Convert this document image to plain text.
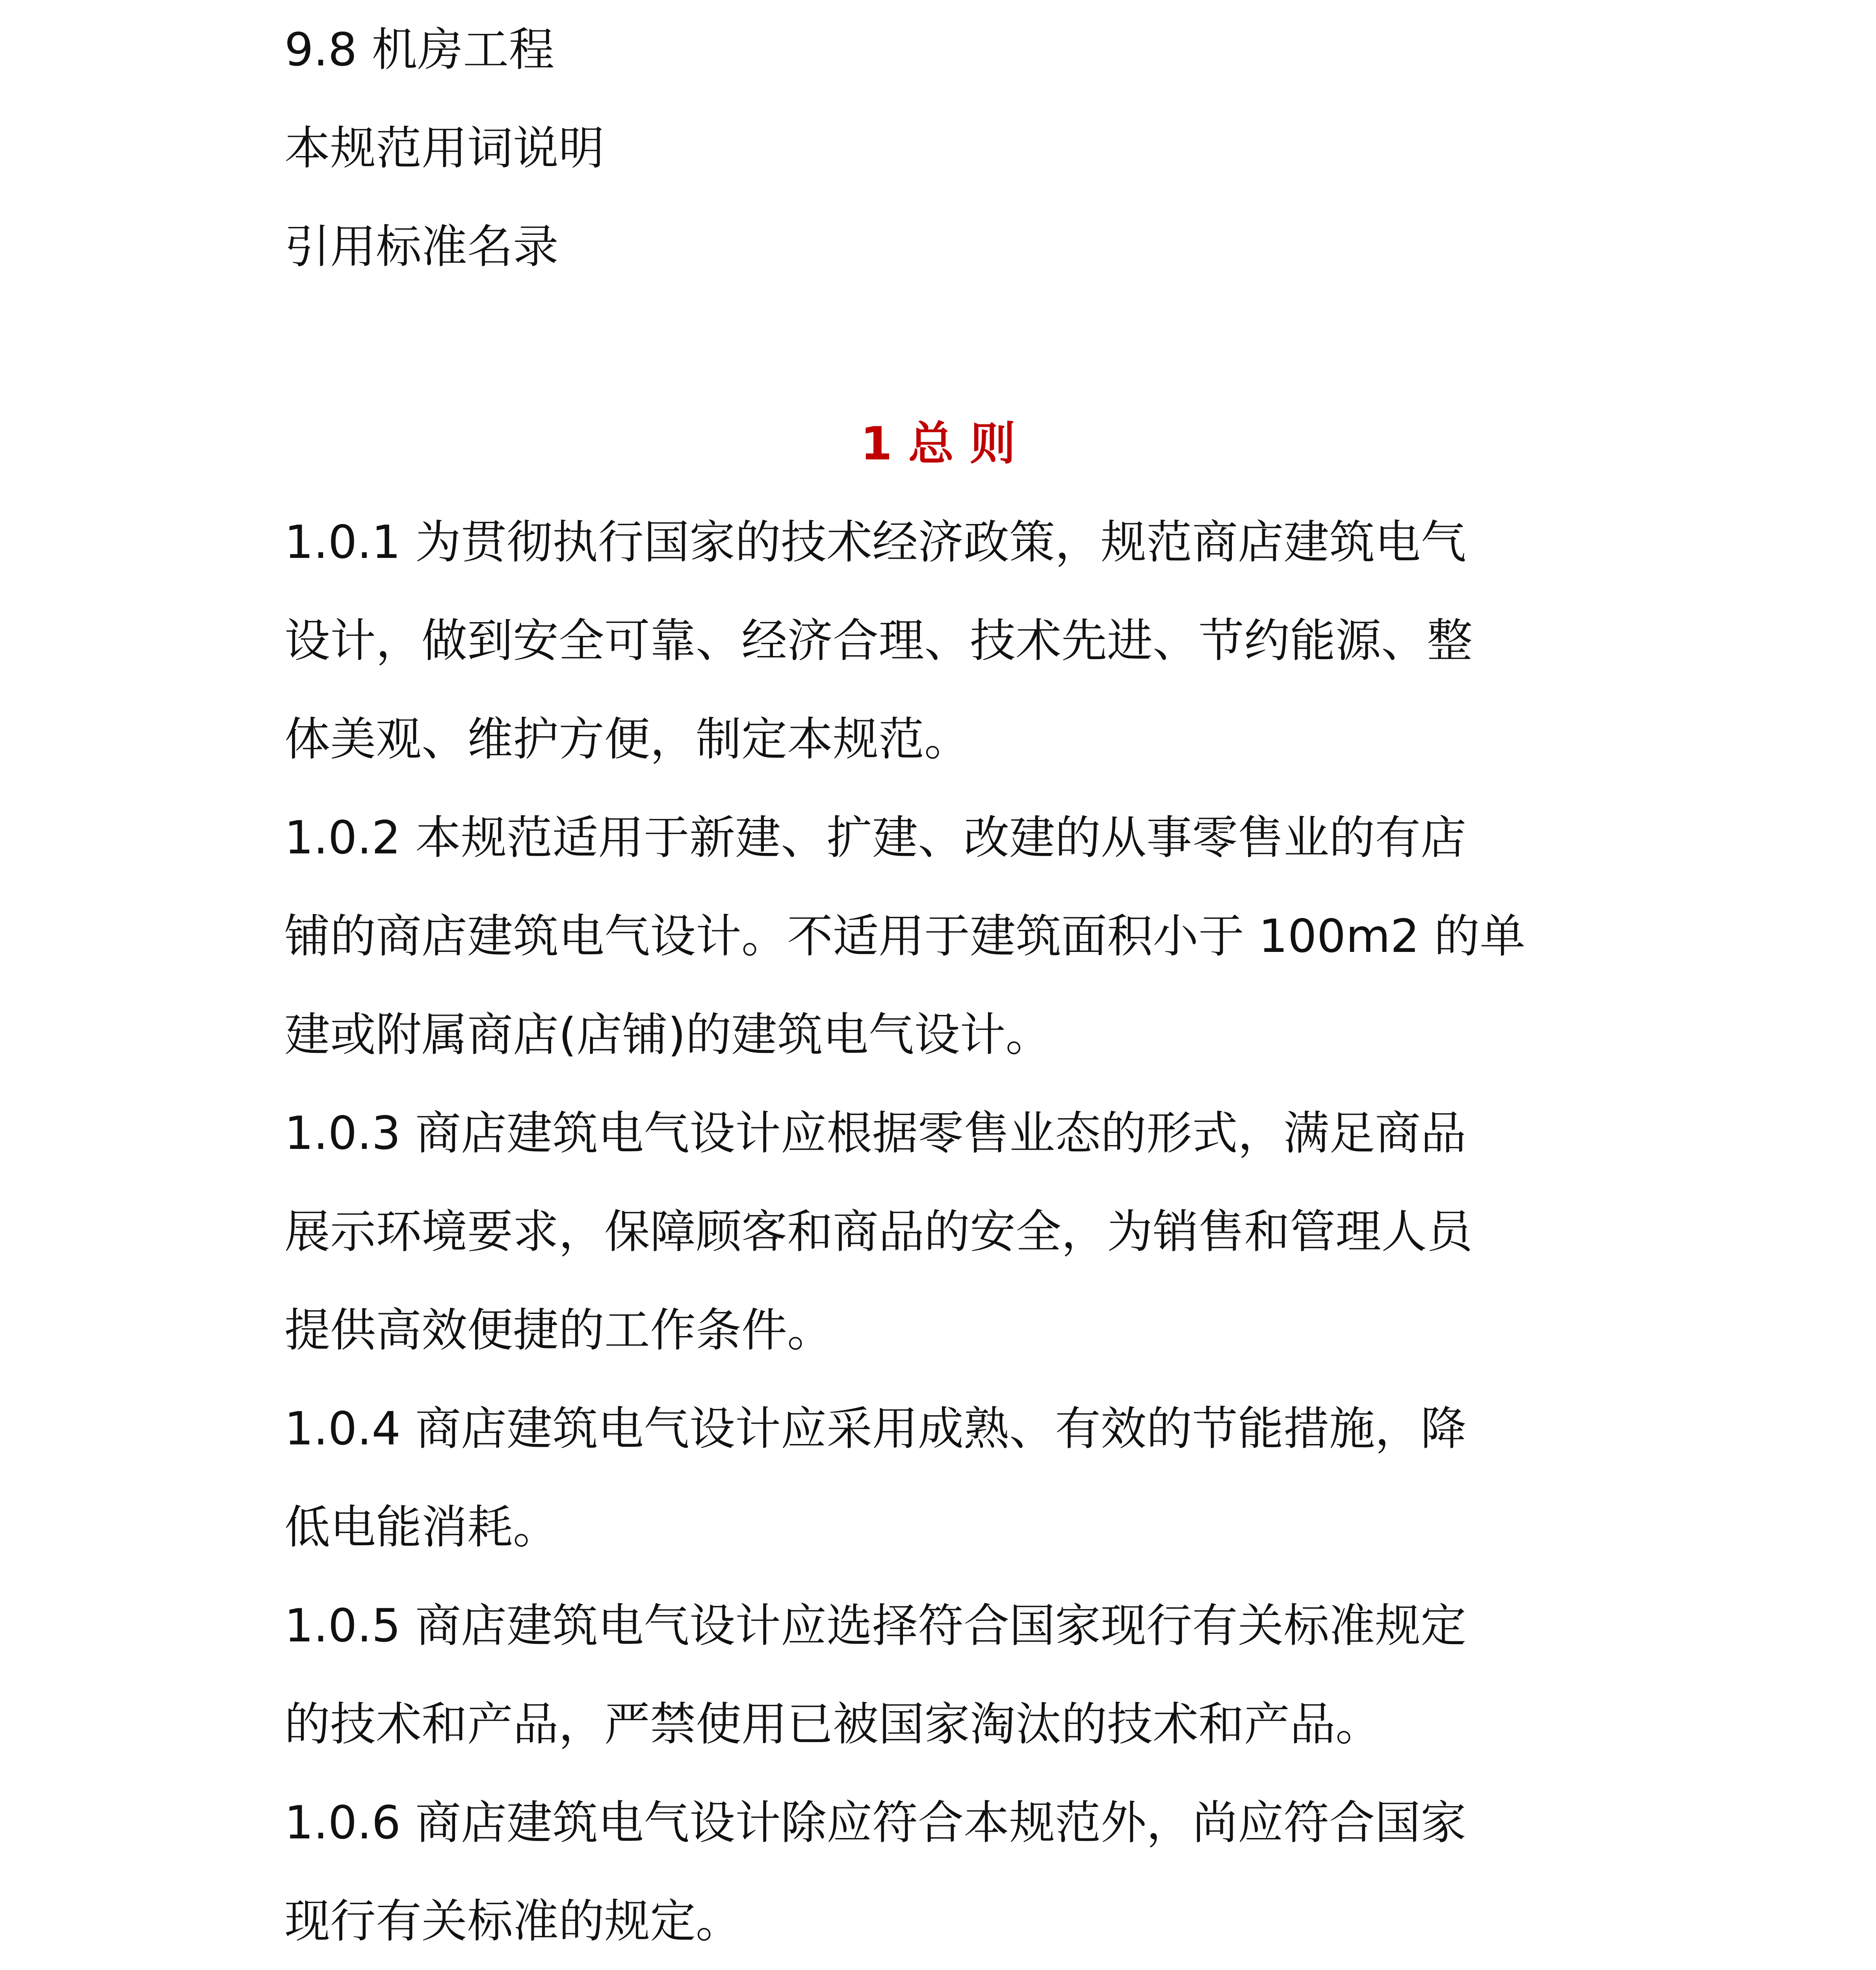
9.8 机房工程
本规范用词说明
引用标准名录
1 总 则
1.0.1 为贯彻执行国家的技术经济政策，规范商店建筑电气
设计，做到安全可靠、经济合理、技术先进、节约能源、整
体美观、维护方便，制定本规范。
1.0.2 本规范适用于新建、扩建、改建的从事零售业的有店
铺的商店建筑电气设计。不适用于建筑面积小于 100m2 的单
建或附属商店(店铺)的建筑电气设计。
1.0.3 商店建筑电气设计应根据零售业态的形式，满足商品
展示环境要求，保障顾客和商品的安全，为销售和管理人员
提供高效便捷的工作条件。
1.0.4 商店建筑电气设计应采用成熟、有效的节能措施，降
低电能消耗。
1.0.5 商店建筑电气设计应选择符合国家现行有关标准规定
的技术和产品，严禁使用已被国家淘汰的技术和产品。
1.0.6 商店建筑电气设计除应符合本规范外，尚应符合国家
现行有关标准的规定。
